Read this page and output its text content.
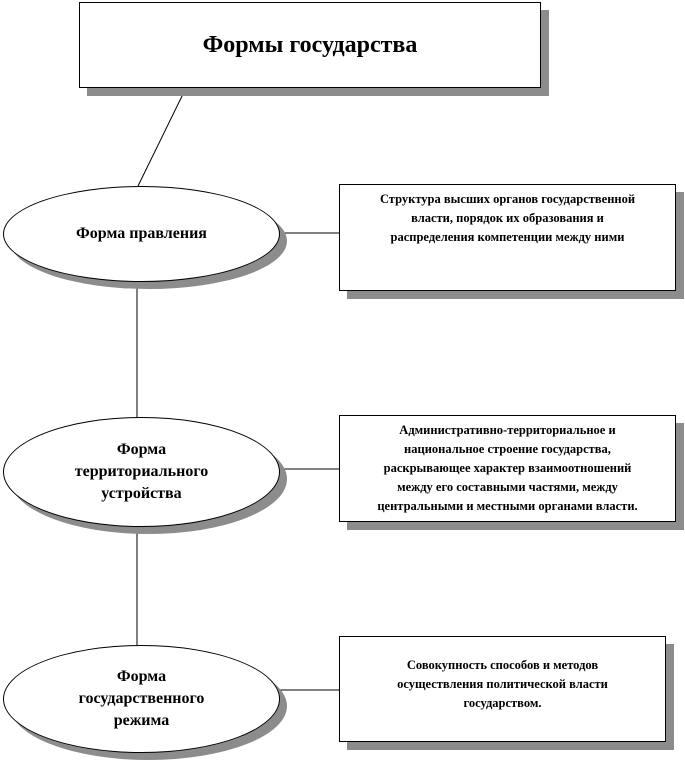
Формы государства
Форма правления
Структура высших органов государственной
власти, порядок их образования и
распределения компетенции между ними
Форма
территориального
устройства
Административно-территориальное и
национальное строение государства,
раскрывающее характер взаимоотношений
между его составными частями, между
центральными и местными органами власти.
Форма
государственного
режима
Совокупность способов и методов
осуществления политической власти
государством.
